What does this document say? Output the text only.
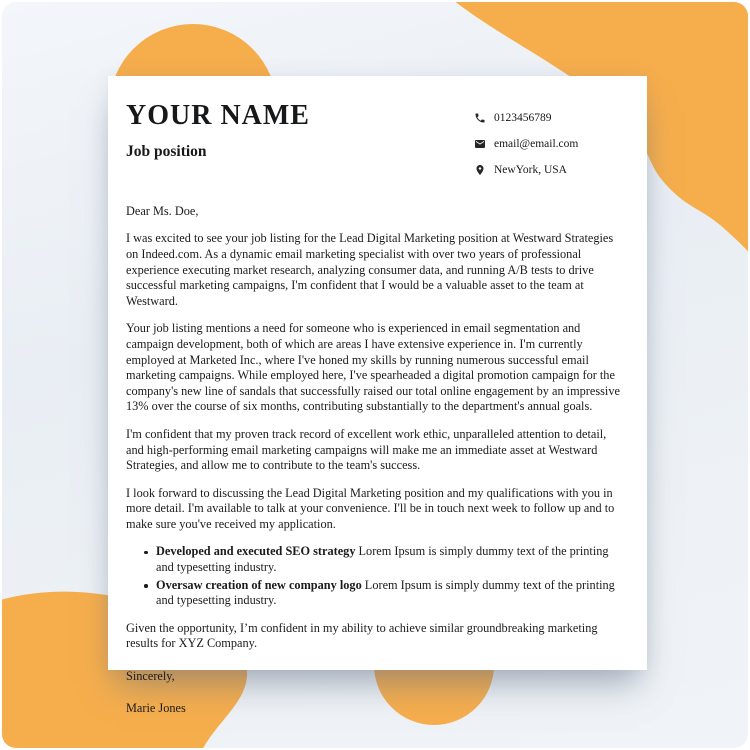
YOUR NAME
Job position
0123456789
email@email.com
NewYork, USA

Dear Ms. Doe,

I was excited to see your job listing for the Lead Digital Marketing position at Westward Strategies on Indeed.com. As a dynamic email marketing specialist with over two years of professional experience executing market research, analyzing consumer data, and running A/B tests to drive successful marketing campaigns, I'm confident that I would be a valuable asset to the team at Westward.

Your job listing mentions a need for someone who is experienced in email segmentation and campaign development, both of which are areas I have extensive experience in. I'm currently employed at Marketed Inc., where I've honed my skills by running numerous successful email marketing campaigns. While employed here, I've spearheaded a digital promotion campaign for the company's new line of sandals that successfully raised our total online engagement by an impressive 13% over the course of six months, contributing substantially to the department's annual goals.

I'm confident that my proven track record of excellent work ethic, unparalleled attention to detail, and high-performing email marketing campaigns will make me an immediate asset at Westward Strategies, and allow me to contribute to the team's success.

I look forward to discussing the Lead Digital Marketing position and my qualifications with you in more detail. I'm available to talk at your convenience. I'll be in touch next week to follow up and to make sure you've received my application.

Developed and executed SEO strategy Lorem Ipsum is simply dummy text of the printing and typesetting industry.
Oversaw creation of new company logo Lorem Ipsum is simply dummy text of the printing and typesetting industry.

Given the opportunity, I’m confident in my ability to achieve similar groundbreaking marketing results for XYZ Company.

Sincerely,

Marie Jones
